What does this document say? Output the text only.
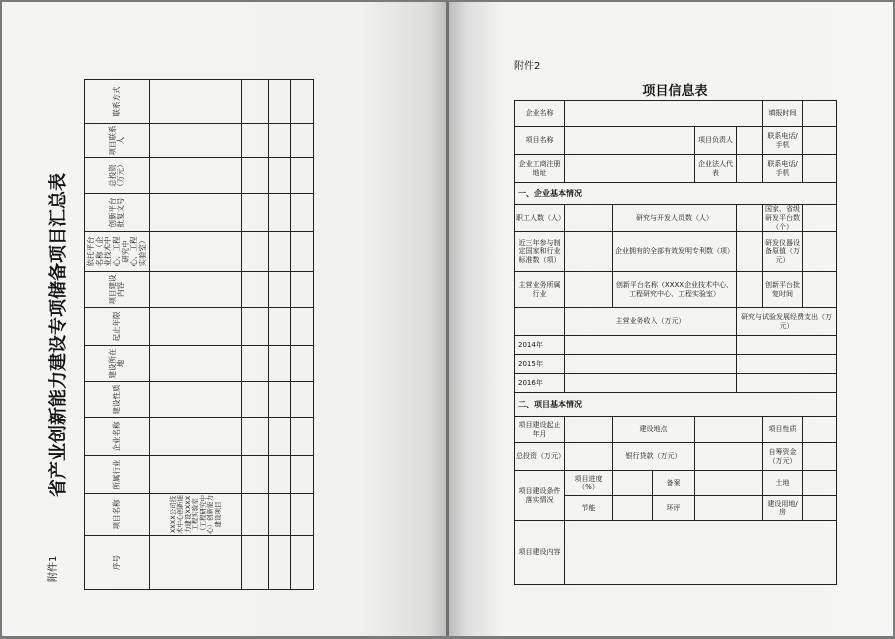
附件1
省产业创新能力建设专项储备项目汇总表
序号	项目名称	所属行业	企业名称	建设性质	建设所在地	起止年限	项目建设内容	依托平台名称（企业技术中心、工程研究中心、工程实验室）	创新平台批复文号	总投资（万元）	项目联系人	联系方式
	XXXX公司技术中心创新能力建设XXXX工程实验室（工程研究中心）创新能力建设项目											

附件2
项目信息表
企业名称						填报时间	
项目名称				项目负责人		联系电话/手机	
企业工商注册地址				企业法人代表		联系电话/手机	
一、企业基本情况							
职工人数（人）		研究与开发人员数（人）				国家、省级研发平台数（个）	
近三年参与制定国家和行业标准数（项）		企业拥有的全部有效发明专利数（项）				研发仪器设备原值（万元）	
主营业务所属行业		创新平台名称（XXXX企业技术中心、工程研究中心、工程实验室）				创新平台批复时间	
	主营业务收入（万元）				研究与试验发展经费支出（万元）		
2014年							
2015年							
2016年							
二、项目基本情况							
项目建设起止年月		建设地点				项目性质	
总投资（万元）		银行贷款（万元）				自筹资金（万元）	
项目建设条件落实情况	项目进度（%）		备案			土地	
	节能		环评			建设用地/房	
项目建设内容							
